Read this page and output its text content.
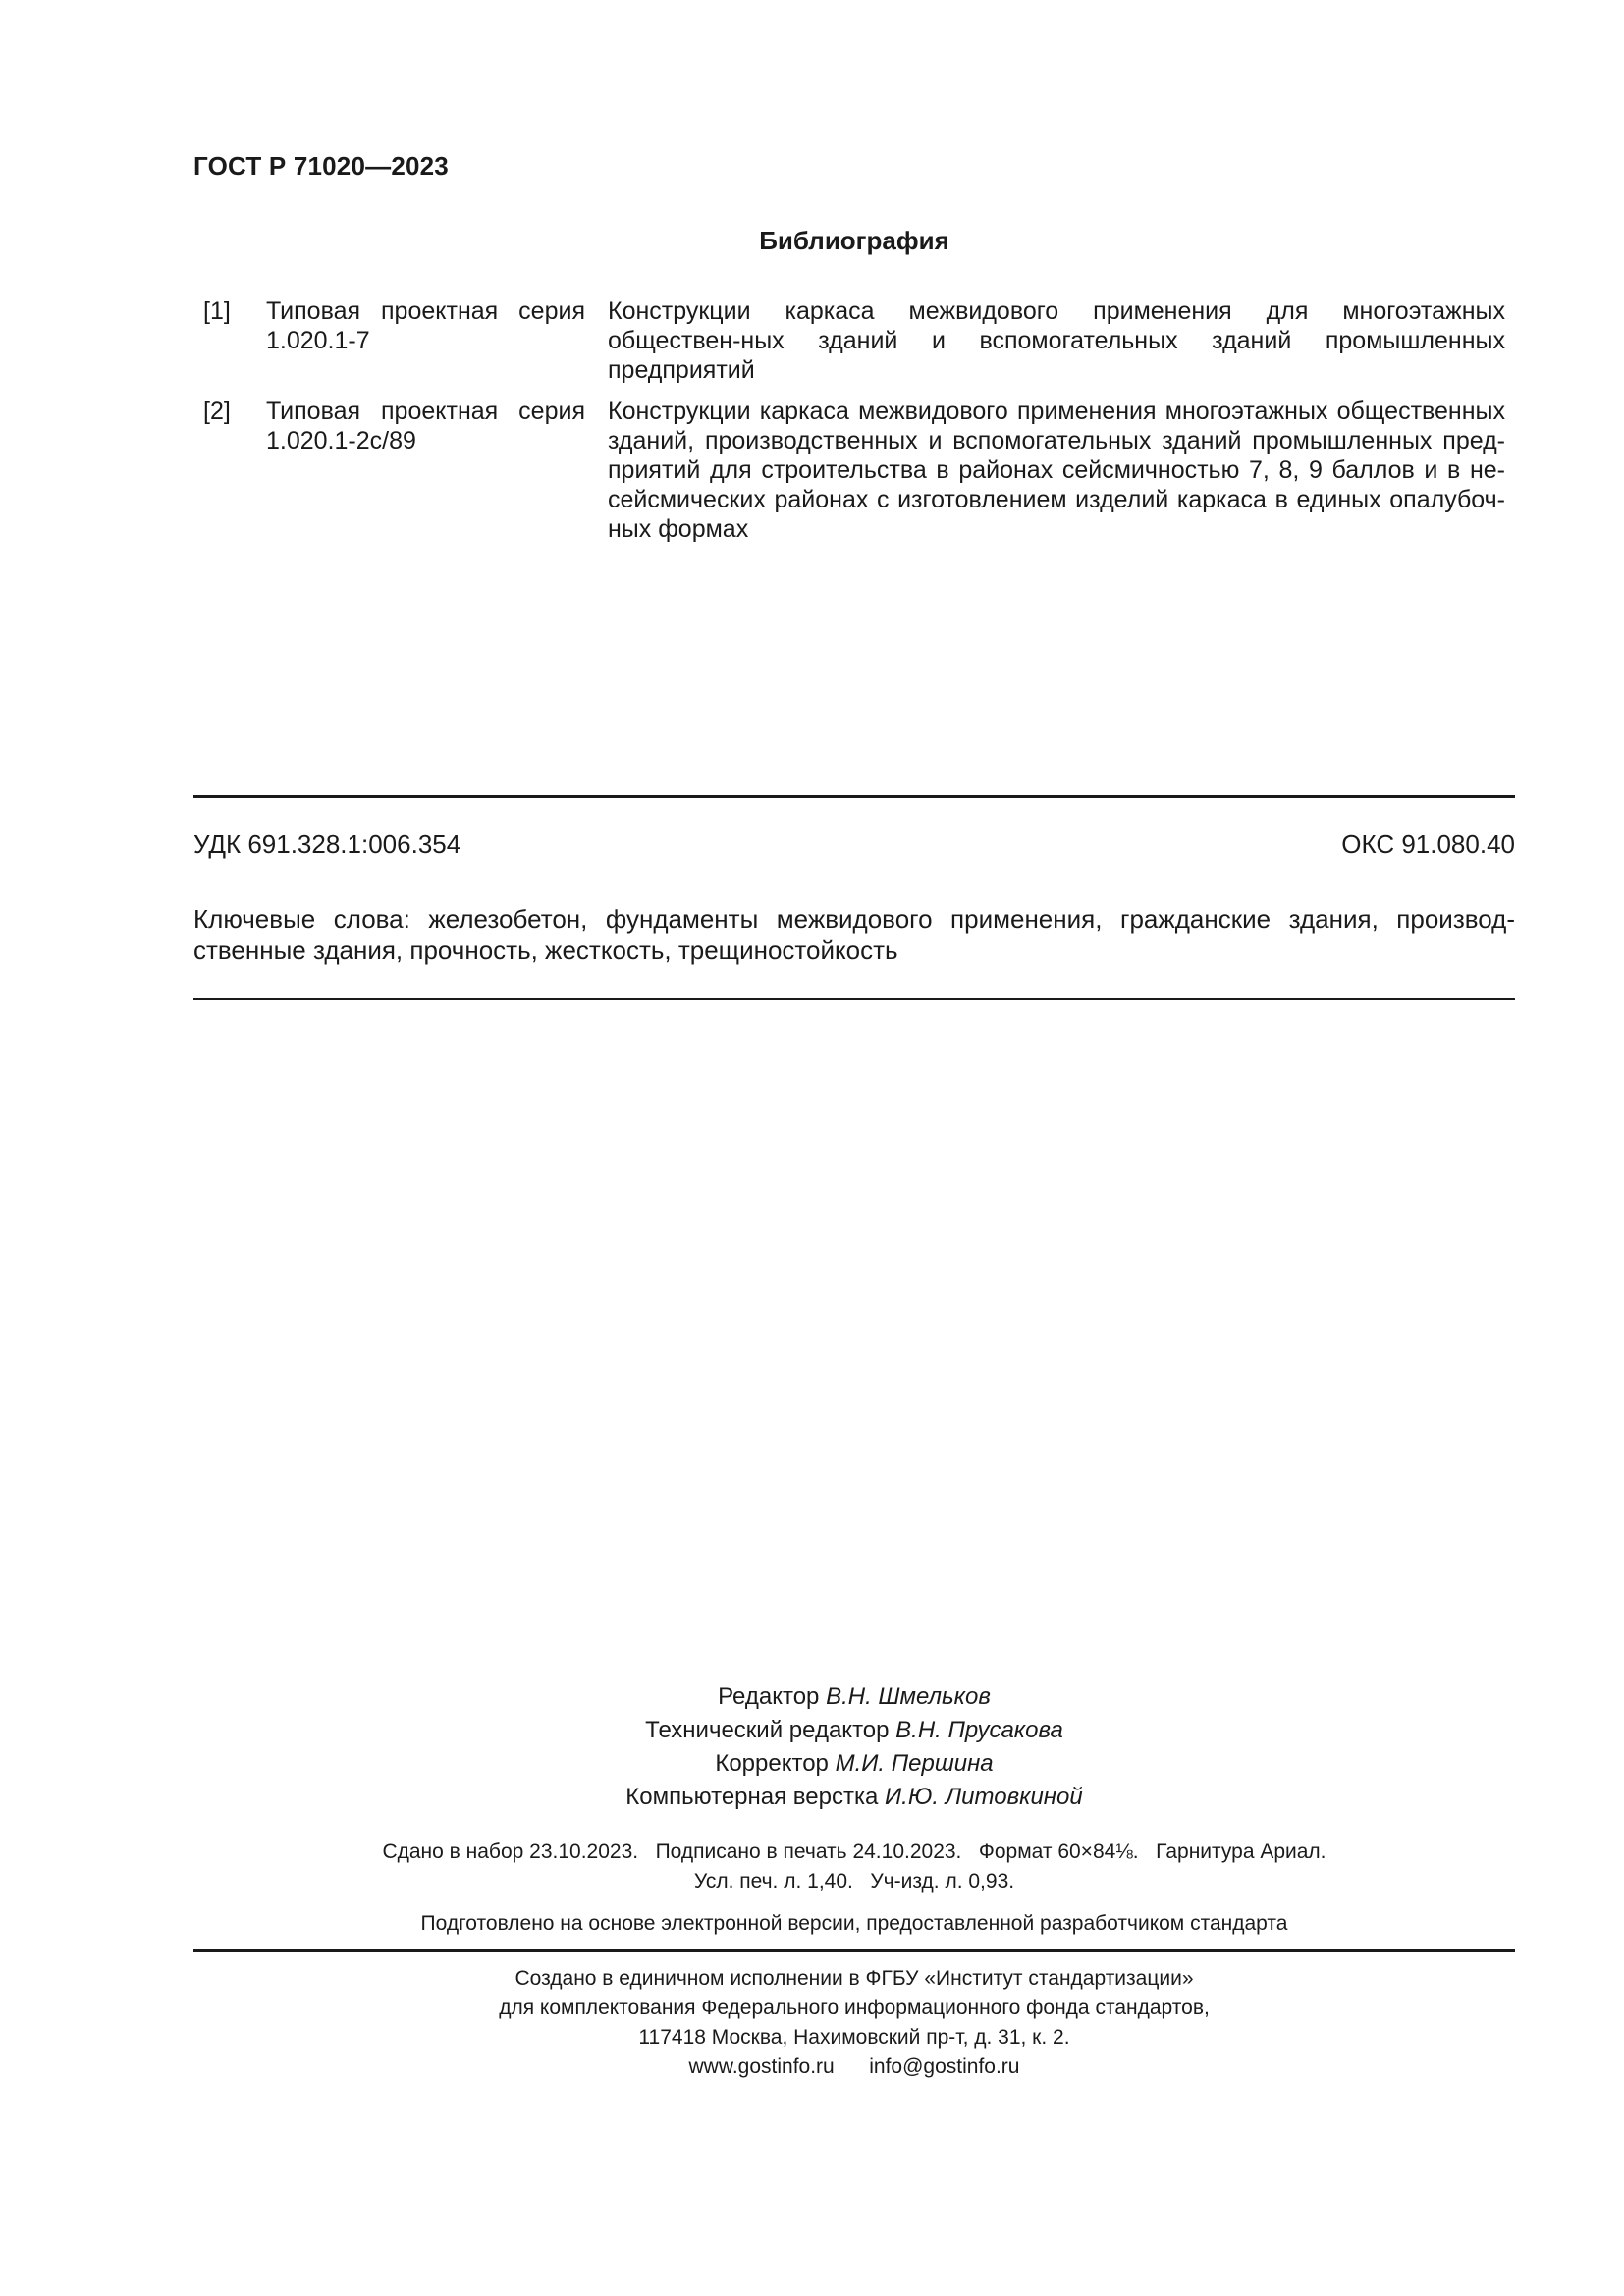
ГОСТ Р 71020—2023
Библиография
[1] Типовая проектная серия 1.020.1-7
Конструкции каркаса межвидового применения для многоэтажных обществен-ных зданий и вспомогательных зданий промышленных предприятий
[2] Типовая проектная серия 1.020.1-2с/89
Конструкции каркаса межвидового применения многоэтажных общественных зданий, производственных и вспомогательных зданий промышленных пред-приятий для строительства в районах сейсмичностью 7, 8, 9 баллов и в не-сейсмических районах с изготовлением изделий каркаса в единых опалубоч-ных формах
УДК 691.328.1:006.354	ОКС 91.080.40
Ключевые слова: железобетон, фундаменты межвидового применения, гражданские здания, производ-ственные здания, прочность, жесткость, трещиностойкость
Редактор В.Н. Шмельков
Технический редактор В.Н. Прусакова
Корректор М.И. Першина
Компьютерная верстка И.Ю. Литовкиной
Сдано в набор 23.10.2023.   Подписано в печать 24.10.2023.   Формат 60×84⅛.   Гарнитура Ариал.
Усл. печ. л. 1,40.   Уч-изд. л. 0,93.
Подготовлено на основе электронной версии, предоставленной разработчиком стандарта
Создано в единичном исполнении в ФГБУ «Институт стандартизации»
для комплектования Федерального информационного фонда стандартов,
117418 Москва, Нахимовский пр-т, д. 31, к. 2.
www.gostinfo.ru info@gostinfo.ru
